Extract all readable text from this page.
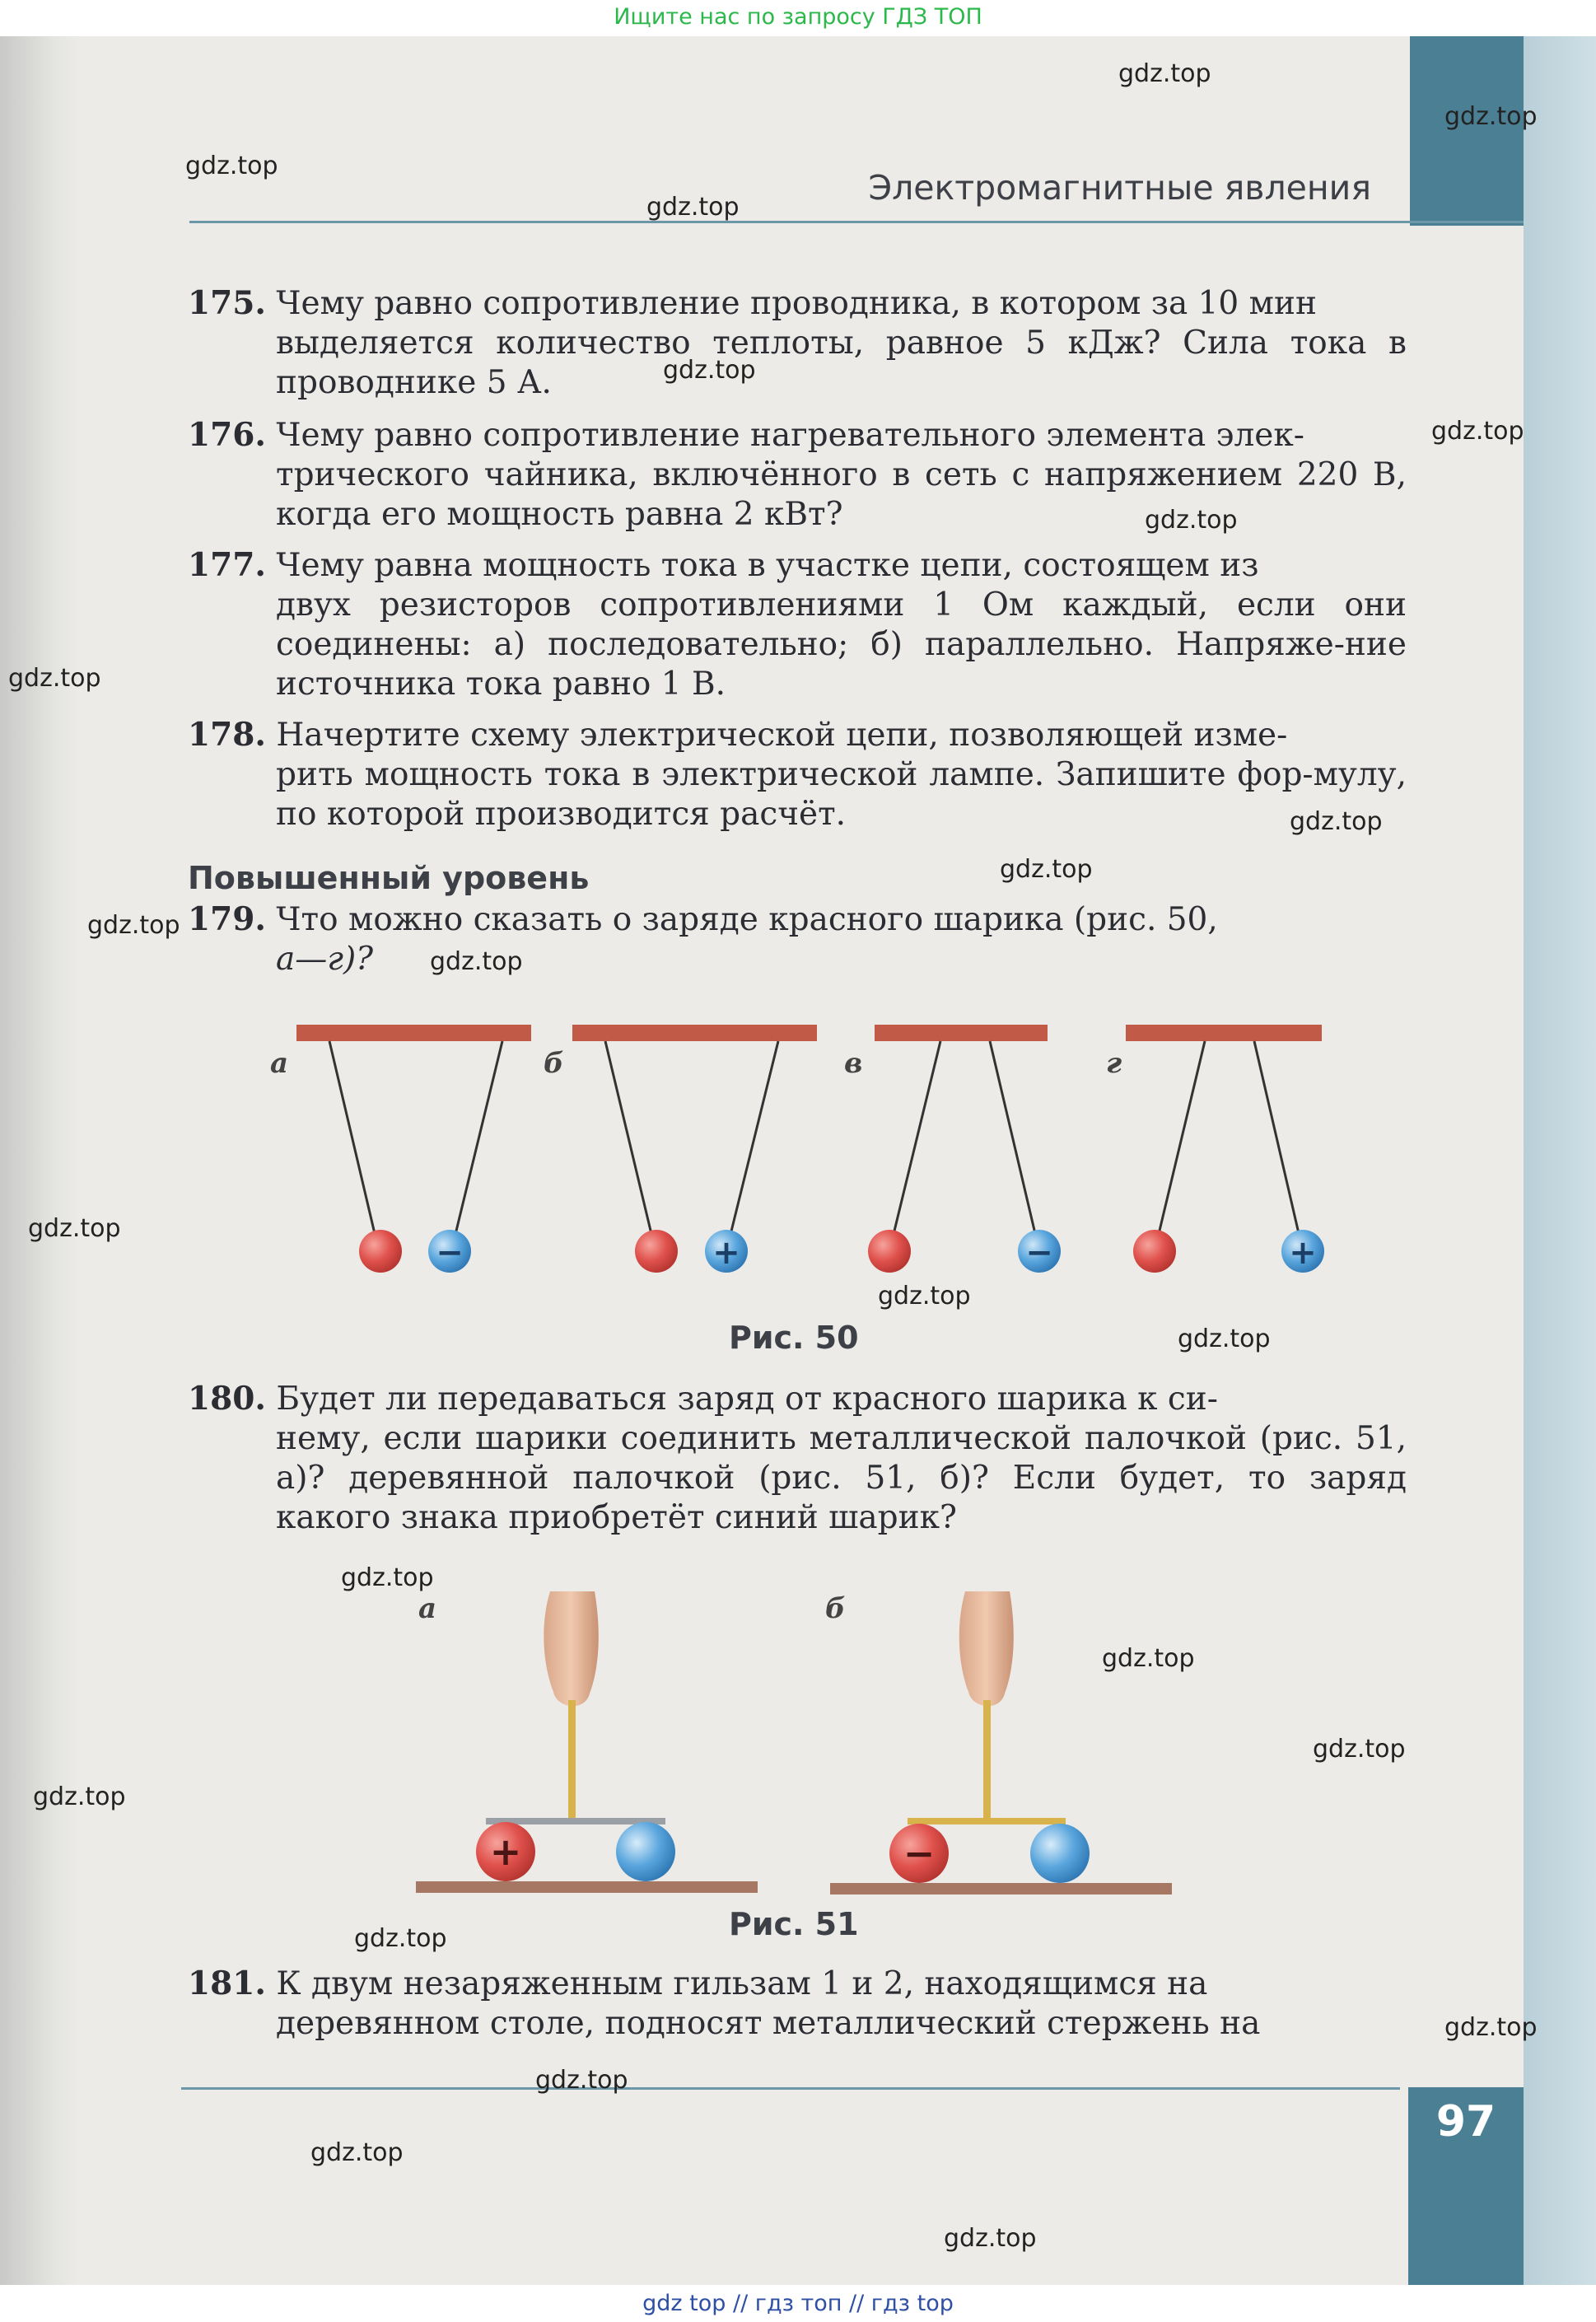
Ищите нас по запросу ГДЗ ТОП
Электромагнитные явления
175. Чему равно сопротивление проводника, в котором за 10 мин
выделяется количество теплоты, равное 5 кДж? Сила тока в проводнике 5 А.
176. Чему равно сопротивление нагревательного элемента элек-
трического чайника, включённого в сеть с напряжением 220 В, когда его мощность равна 2 кВт?
177. Чему равна мощность тока в участке цепи, состоящем из
двух резисторов сопротивлениями 1 Ом каждый, если они соединены: а) последовательно; б) параллельно. Напряже-ние источника тока равно 1 В.
178. Начертите схему электрической цепи, позволяющей изме-
рить мощность тока в электрической лампе. Запишите фор-мулу, по которой производится расчёт.
Повышенный уровень
179. Что можно сказать о заряде красного шарика (рис. 50,
а—г)?
−
а
+
б
−
в
+
г
Рис. 50
180. Будет ли передаваться заряд от красного шарика к си-
нему, если шарики соединить металлической палочкой (рис. 51, а)? деревянной палочкой (рис. 51, б)? Если будет, то заряд какого знака приобретёт синий шарик?
а
+
б
−
Рис. 51
181. К двум незаряженным гильзам 1 и 2, находящимся на
деревянном столе, подносят металлический стержень на
97
gdz.top
gdz.top
gdz.top
gdz.top
gdz.top
gdz.top
gdz.top
gdz.top
gdz.top
gdz.top
gdz.top
gdz.top
gdz.top
gdz.top
gdz.top
gdz.top
gdz.top
gdz.top
gdz.top
gdz.top
gdz.top
gdz.top
gdz.top
gdz.top
gdz top // гдз топ // гдз top
